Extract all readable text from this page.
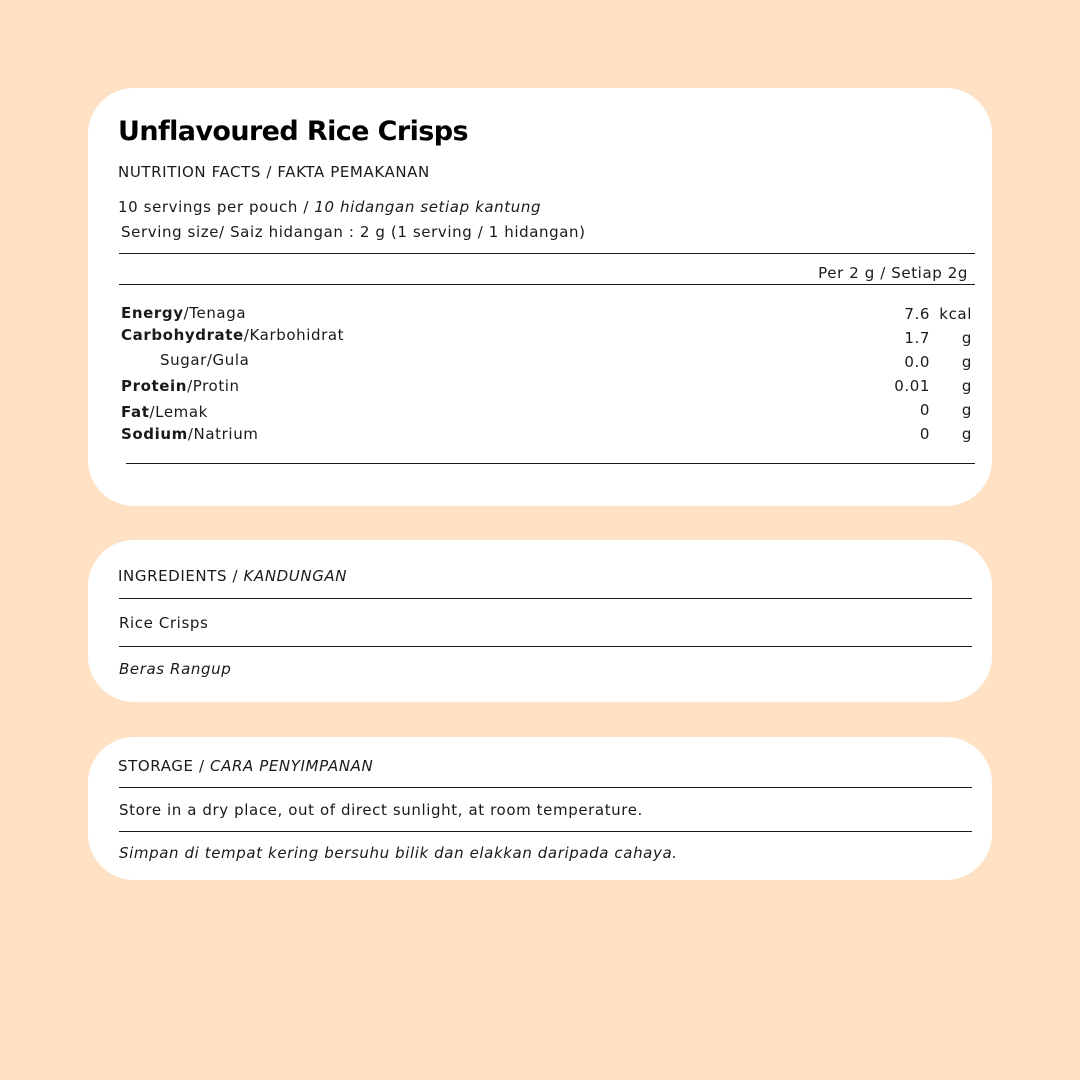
Unflavoured Rice Crisps
NUTRITION FACTS / FAKTA PEMAKANAN
10 servings per pouch / 10 hidangan setiap kantung
Serving size/ Saiz hidangan : 2 g (1 serving / 1 hidangan)
Per 2 g / Setiap 2g
Energy/Tenaga	7.6 kcal
Carbohydrate/Karbohidrat	1.7	g
Sugar/Gula	0.0	g
Protein/Protin	0.01	g
Fat/Lemak	0	g
Sodium/Natrium	0	g
INGREDIENTS / KANDUNGAN
Rice Crisps
Beras Rangup
STORAGE / CARA PENYIMPANAN
Store in a dry place, out of direct sunlight, at room temperature.
Simpan di tempat kering bersuhu bilik dan elakkan daripada cahaya.
